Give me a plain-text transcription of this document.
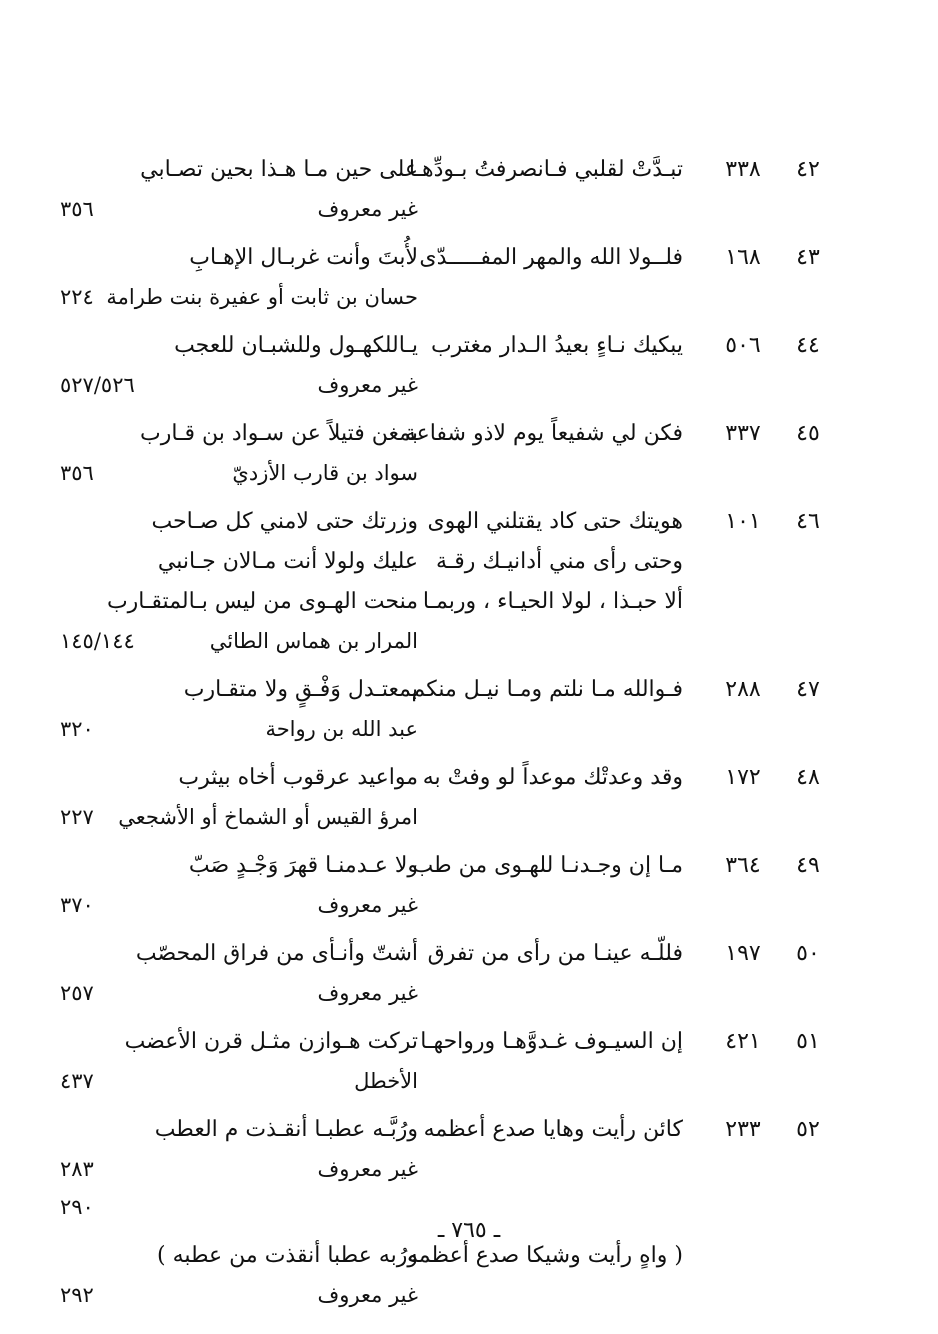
٤٢
٣٣٨
تبـدَّتْ لقلبي فـانصرفتُ بـودِّهـا
على حين مـا هـذا بحين تصـابي
غير معروف
٣٥٦
٤٣
١٦٨
فلــولا الله والمهر المفـــــدّى
لأُبتَ وأنت غربـال الإهـابِ
حسان بن ثابت أو عفيرة بنت طرامة
٢٢٤
٤٤
٥٠٦
يبكيك نـاءٍ بعيدُ الـدار مغترب
يـاللكهـول وللشبـان للعجب
غير معروف
٥٢٧/٥٢٦
٤٥
٣٣٧
فكن لي شفيعاً يوم لاذو شفاعة
بمغن فتيلاً عن سـواد بن قـارب
سواد بن قارب الأزديّ
٣٥٦
٤٦
١٠١
هويتك حتى كاد يقتلني الهوى
وزرتك حتى لامني كل صـاحب
وحتى رأى مني أدانيـك رقـة
عليك ولولا أنت مـالان جـانبي
ألا حبـذا ، لولا الحيـاء ، وربمـا
منحت الهـوى من ليس بـالمتقـارب
المرار بن هماس الطائي
١٤٥/١٤٤
٤٧
٢٨٨
فـوالله مـا نلتم ومـا نيـل منكم
بمعتـدل وَفْـقٍ ولا متقـارب
عبد الله بن رواحة
٣٢٠
٤٨
١٧٢
وقد وعدتْك موعداً لو وفتْ به
مواعيد عرقوب أخاه بيثرب
امرؤ القيس أو الشماخ أو الأشجعي
٢٢٧
٤٩
٣٦٤
مـا إن وجـدنـا للهـوى من طب
ولا عـدمنـا قهرَ وَجْـدٍ صَبّ
غير معروف
٣٧٠
٥٠
١٩٧
فللّـه عينـا من رأى من تفرق
أشتّ وأنـأى من فراق المحصّب
غير معروف
٢٥٧
٥١
٤٢١
إن السيـوف غـدوَّهـا ورواحهـا
تركت هـوازن مثـل قرن الأعضب
الأخطل
٤٣٧
٥٢
٢٣٣
كائن رأيت وهايا صدع أعظمه
ورُبَّـه عطبـا أنقـذت م العطب
غير معروف
٢٨٣
٢٩٠
( واهٍ رأيت وشيكا صدع أعظمه
ورُبه عطبا أنقذت من عطبه )
غير معروف
٢٩٢
ـ ٧٦٥ ـ
